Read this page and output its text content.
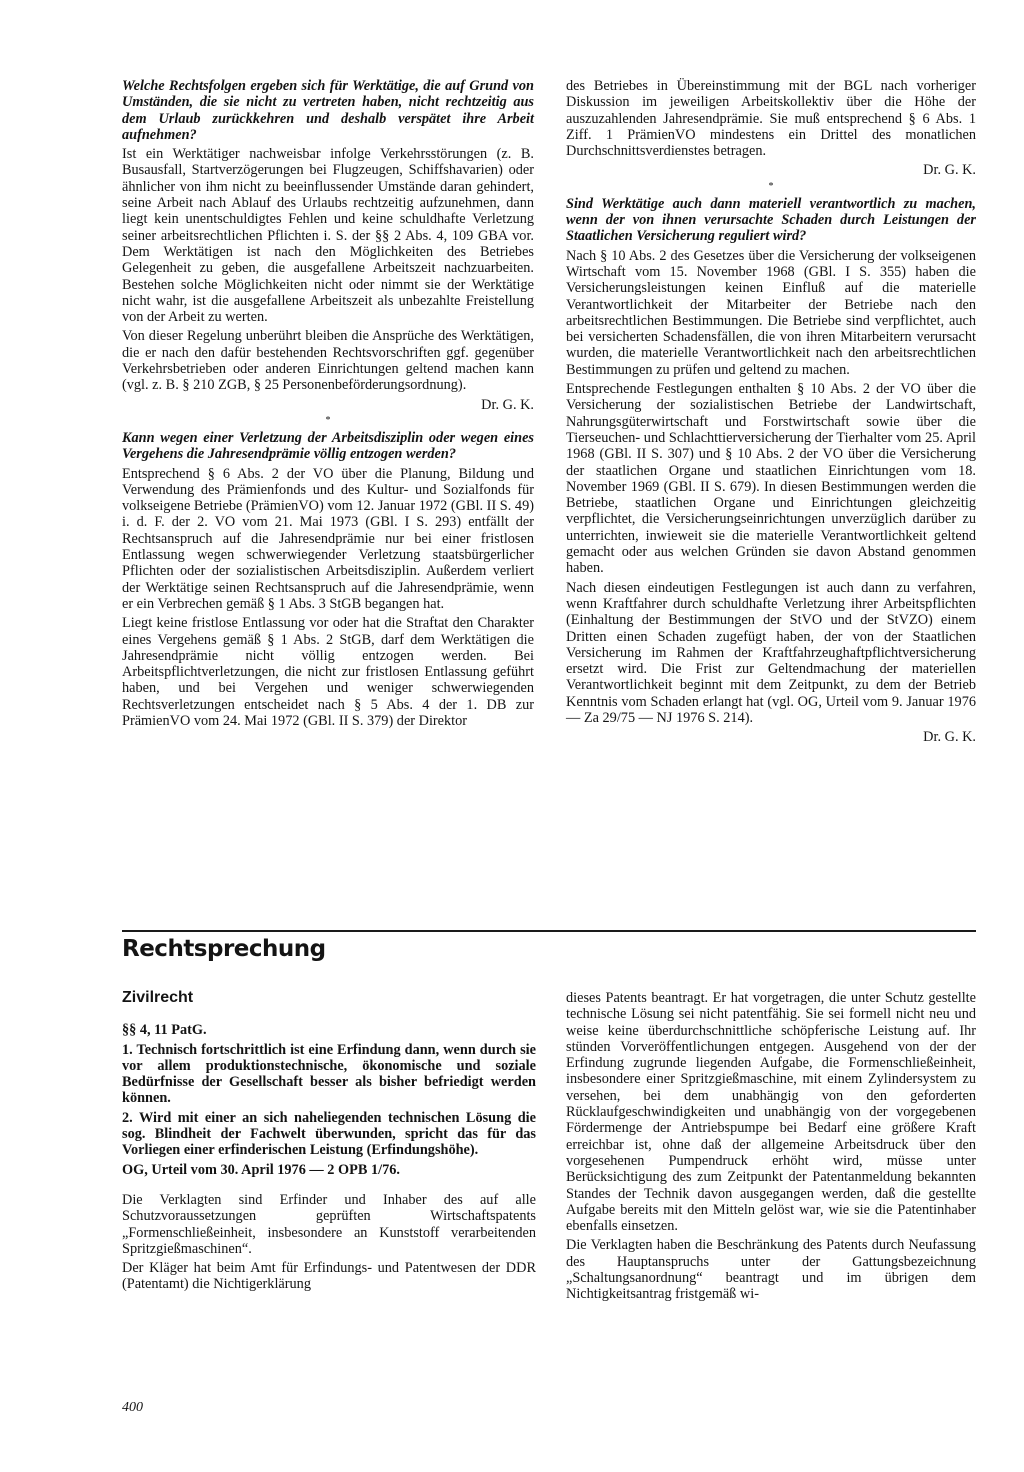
Welche Rechtsfolgen ergeben sich für Werktätige, die auf Grund von Umständen, die sie nicht zu vertreten haben, nicht rechtzeitig aus dem Urlaub zurückkehren und deshalb verspätet ihre Arbeit aufnehmen?

Ist ein Werktätiger nachweisbar infolge Verkehrsstörungen (z. B. Busausfall, Startverzögerungen bei Flugzeugen, Schiffshavarien) oder ähnlicher von ihm nicht zu beeinflussender Umstände daran gehindert, seine Arbeit nach Ablauf des Urlaubs rechtzeitig aufzunehmen, dann liegt kein unentschuldigtes Fehlen und keine schuldhafte Verletzung seiner arbeitsrechtlichen Pflichten i. S. der §§ 2 Abs. 4, 109 GBA vor. Dem Werktätigen ist nach den Möglichkeiten des Betriebes Gelegenheit zu geben, die ausgefallene Arbeitszeit nachzuarbeiten. Bestehen solche Möglichkeiten nicht oder nimmt sie der Werktätige nicht wahr, ist die ausgefallene Arbeitszeit als unbezahlte Freistellung von der Arbeit zu werten.

Von dieser Regelung unberührt bleiben die Ansprüche des Werktätigen, die er nach den dafür bestehenden Rechtsvorschriften ggf. gegenüber Verkehrsbetrieben oder anderen Einrichtungen geltend machen kann (vgl. z. B. § 210 ZGB, § 25 Personenbeförderungsordnung).

Dr. G. K.

*

Kann wegen einer Verletzung der Arbeitsdisziplin oder wegen eines Vergehens die Jahresendprämie völlig entzogen werden?

Entsprechend § 6 Abs. 2 der VO über die Planung, Bildung und Verwendung des Prämienfonds und des Kultur- und Sozialfonds für volkseigene Betriebe (PrämienVO) vom 12. Januar 1972 (GBl. II S. 49) i. d. F. der 2. VO vom 21. Mai 1973 (GBl. I S. 293) entfällt der Rechtsanspruch auf die Jahresendprämie nur bei einer fristlosen Entlassung wegen schwerwiegender Verletzung staatsbürgerlicher Pflichten oder der sozialistischen Arbeitsdisziplin. Außerdem verliert der Werktätige seinen Rechtsanspruch auf die Jahresendprämie, wenn er ein Verbrechen gemäß § 1 Abs. 3 StGB begangen hat.

Liegt keine fristlose Entlassung vor oder hat die Straftat den Charakter eines Vergehens gemäß § 1 Abs. 2 StGB, darf dem Werktätigen die Jahresendprämie nicht völlig entzogen werden. Bei Arbeitspflichtverletzungen, die nicht zur fristlosen Entlassung geführt haben, und bei Vergehen und weniger schwerwiegenden Rechtsverletzungen entscheidet nach § 5 Abs. 4 der 1. DB zur PrämienVO vom 24. Mai 1972 (GBl. II S. 379) der Direktor

des Betriebes in Übereinstimmung mit der BGL nach vorheriger Diskussion im jeweiligen Arbeitskollektiv über die Höhe der auszuzahlenden Jahresendprämie. Sie muß entsprechend § 6 Abs. 1 Ziff. 1 PrämienVO mindestens ein Drittel des monatlichen Durchschnittsverdienstes betragen.

Dr. G. K.

*

Sind Werktätige auch dann materiell verantwortlich zu machen, wenn der von ihnen verursachte Schaden durch Leistungen der Staatlichen Versicherung reguliert wird?

Nach § 10 Abs. 2 des Gesetzes über die Versicherung der volkseigenen Wirtschaft vom 15. November 1968 (GBl. I S. 355) haben die Versicherungsleistungen keinen Einfluß auf die materielle Verantwortlichkeit der Mitarbeiter der Betriebe nach den arbeitsrechtlichen Bestimmungen. Die Betriebe sind verpflichtet, auch bei versicherten Schadensfällen, die von ihren Mitarbeitern verursacht wurden, die materielle Verantwortlichkeit nach den arbeitsrechtlichen Bestimmungen zu prüfen und geltend zu machen.

Entsprechende Festlegungen enthalten § 10 Abs. 2 der VO über die Versicherung der sozialistischen Betriebe der Landwirtschaft, Nahrungsgüterwirtschaft und Forstwirtschaft sowie über die Tierseuchen- und Schlachttierversicherung der Tierhalter vom 25. April 1968 (GBl. II S. 307) und § 10 Abs. 2 der VO über die Versicherung der staatlichen Organe und staatlichen Einrichtungen vom 18. November 1969 (GBl. II S. 679). In diesen Bestimmungen werden die Betriebe, staatlichen Organe und Einrichtungen gleichzeitig verpflichtet, die Versicherungseinrichtungen unverzüglich darüber zu unterrichten, inwieweit sie die materielle Verantwortlichkeit geltend gemacht oder aus welchen Gründen sie davon Abstand genommen haben.

Nach diesen eindeutigen Festlegungen ist auch dann zu verfahren, wenn Kraftfahrer durch schuldhafte Verletzung ihrer Arbeitspflichten (Einhaltung der Bestimmungen der StVO und der StVZO) einem Dritten einen Schaden zugefügt haben, der von der Staatlichen Versicherung im Rahmen der Kraftfahrzeughaftpflichtversicherung ersetzt wird. Die Frist zur Geltendmachung der materiellen Verantwortlichkeit beginnt mit dem Zeitpunkt, zu dem der Betrieb Kenntnis vom Schaden erlangt hat (vgl. OG, Urteil vom 9. Januar 1976 — Za 29/75 — NJ 1976 S. 214).

Dr. G. K.

Rechtsprechung

Zivilrecht

§§ 4, 11 PatG.

1. Technisch fortschrittlich ist eine Erfindung dann, wenn durch sie vor allem produktionstechnische, ökonomische und soziale Bedürfnisse der Gesellschaft besser als bisher befriedigt werden können.

2. Wird mit einer an sich naheliegenden technischen Lösung die sog. Blindheit der Fachwelt überwunden, spricht das für das Vorliegen einer erfinderischen Leistung (Erfindungshöhe).

OG, Urteil vom 30. April 1976 — 2 OPB 1/76.

Die Verklagten sind Erfinder und Inhaber des auf alle Schutzvoraussetzungen geprüften Wirtschaftspatents „Formenschließeinheit, insbesondere an Kunststoff verarbeitenden Spritzgießmaschinen“.

Der Kläger hat beim Amt für Erfindungs- und Patentwesen der DDR (Patentamt) die Nichtigerklärung

dieses Patents beantragt. Er hat vorgetragen, die unter Schutz gestellte technische Lösung sei nicht patentfähig. Sie sei formell nicht neu und weise keine überdurchschnittliche schöpferische Leistung auf. Ihr stünden Vorveröffentlichungen entgegen. Ausgehend von der der Erfindung zugrunde liegenden Aufgabe, die Formenschließeinheit, insbesondere einer Spritzgießmaschine, mit einem Zylindersystem zu versehen, bei dem unabhängig von den geforderten Rücklaufgeschwindigkeiten und unabhängig von der vorgegebenen Fördermenge der Antriebspumpe bei Bedarf eine größere Kraft erreichbar ist, ohne daß der allgemeine Arbeitsdruck über den vorgesehenen Pumpendruck erhöht wird, müsse unter Berücksichtigung des zum Zeitpunkt der Patentanmeldung bekannten Standes der Technik davon ausgegangen werden, daß die gestellte Aufgabe bereits mit den Mitteln gelöst war, wie sie die Patentinhaber ebenfalls einsetzen.

Die Verklagten haben die Beschränkung des Patents durch Neufassung des Hauptanspruchs unter der Gattungsbezeichnung „Schaltungsanordnung“ beantragt und im übrigen dem Nichtigkeitsantrag fristgemäß wi-

400
